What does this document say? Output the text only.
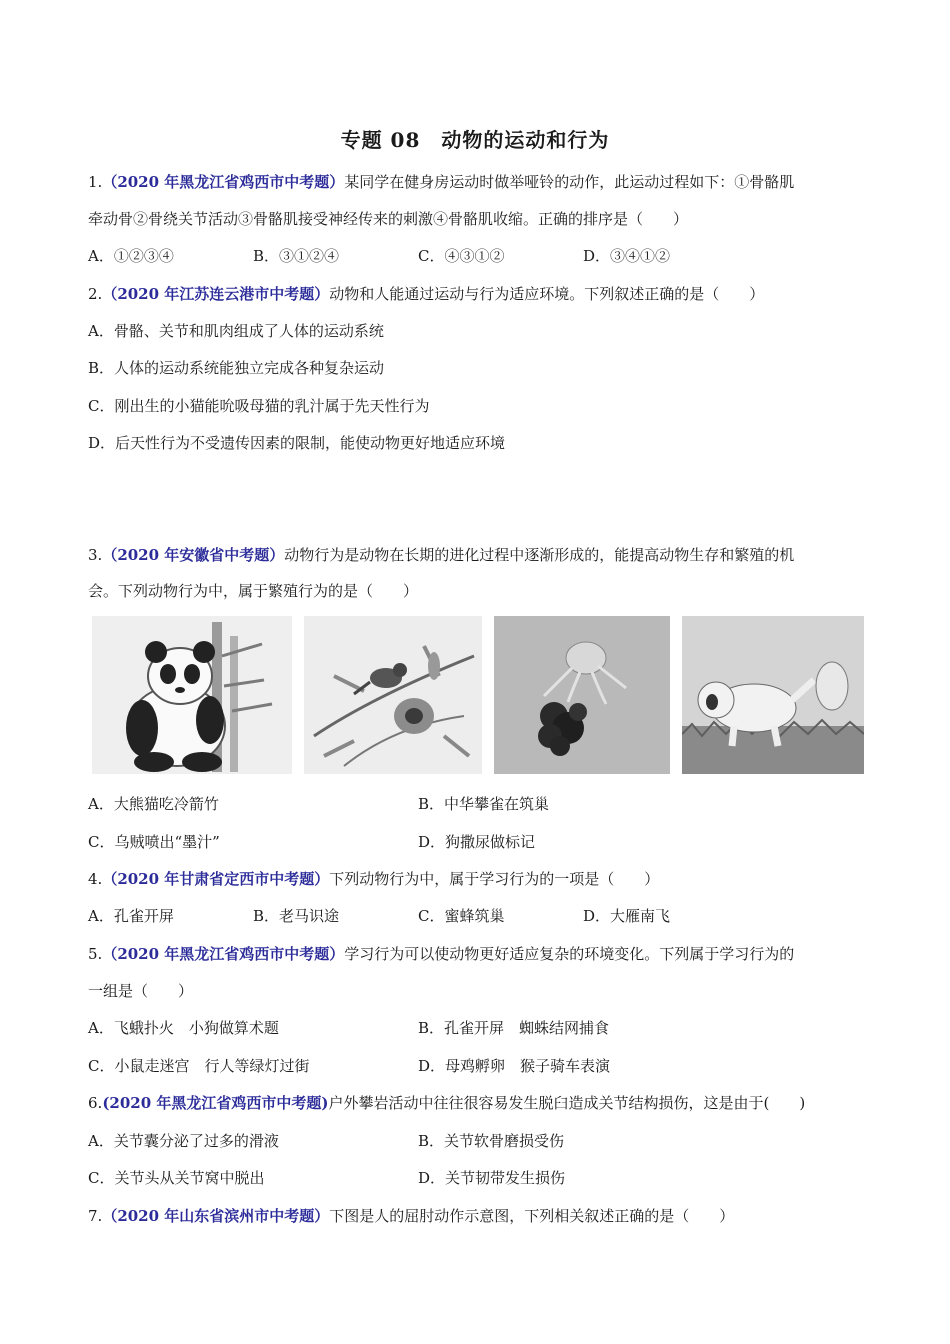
专题 08　动物的运动和行为
1.（2020 年黑龙江省鸡西市中考题）某同学在健身房运动时做举哑铃的动作，此运动过程如下：①骨骼肌
牵动骨②骨绕关节活动③骨骼肌接受神经传来的刺激④骨骼肌收缩。正确的排序是（　　）
A．①②③④	B．③①②④	C．④③①②	D．③④①②
2.（2020 年江苏连云港市中考题）动物和人能通过运动与行为适应环境。下列叙述正确的是（　　）
A．骨骼、关节和肌肉组成了人体的运动系统
B．人体的运动系统能独立完成各种复杂运动
C．刚出生的小猫能吮吸母猫的乳汁属于先天性行为
D．后天性行为不受遗传因素的限制，能使动物更好地适应环境
3.（2020 年安徽省中考题）动物行为是动物在长期的进化过程中逐渐形成的，能提高动物生存和繁殖的机
会。下列动物行为中，属于繁殖行为的是（　　）
A．大熊猫吃冷箭竹	B．中华攀雀在筑巢
C．乌贼喷出“墨汁”	D．狗撒尿做标记
4.（2020 年甘肃省定西市中考题）下列动物行为中，属于学习行为的一项是（　　）
A．孔雀开屏	B．老马识途	C．蜜蜂筑巢	D．大雁南飞
5.（2020 年黑龙江省鸡西市中考题）学习行为可以使动物更好适应复杂的环境变化。下列属于学习行为的
一组是（　　）
A．飞蛾扑火　小狗做算术题	B．孔雀开屏　蜘蛛结网捕食
C．小鼠走迷宫　行人等绿灯过街	D．母鸡孵卵　猴子骑车表演
6.(2020 年黑龙江省鸡西市中考题)户外攀岩活动中往往很容易发生脱臼造成关节结构损伤，这是由于(　　)
A．关节囊分泌了过多的滑液	B．关节软骨磨损受伤
C．关节头从关节窝中脱出	D．关节韧带发生损伤
7.（2020 年山东省滨州市中考题）下图是人的屈肘动作示意图，下列相关叙述正确的是（　　）
